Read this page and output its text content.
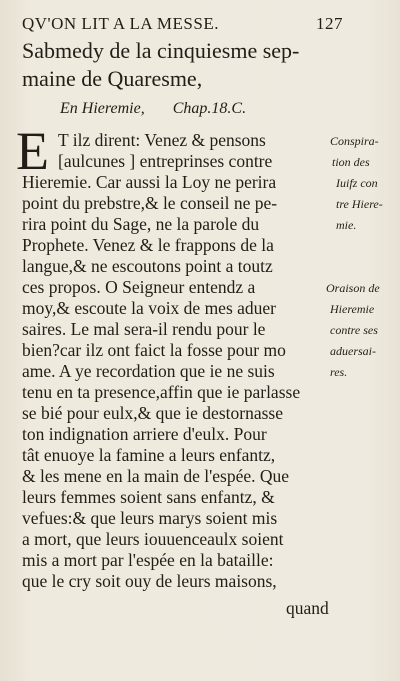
QV'ON LIT A LA MESSE.	127
Sabmedy de la cinquiesme sep-
maine de Quaresme,
En Hieremie, Chap.18.C.
E T ilz dirent: Venez & pensons
[aulcunes ] entreprinses contre
Hieremie. Car aussi la Loy ne perira
point du prebstre,& le conseil ne pe-
rira point du Sage, ne la parole du
Prophete. Venez & le frappons de la
langue,& ne escoutons point a toutz
ces propos. O Seigneur entendz a
moy,& escoute la voix de mes aduer
saires. Le mal sera-il rendu pour le
bien?car ilz ont faict la fosse pour mo
ame. A ye recordation que ie ne suis
tenu en ta presence,affin que ie parlasse
se bié pour eulx,& que ie destornasse
ton indignation arriere d'eulx. Pour
tât enuoye la famine a leurs enfantz,
& les mene en la main de l'espée. Que
leurs femmes soient sans enfantz, &
vefues:& que leurs marys soient mis
a mort, que leurs iouuenceaulx soient
mis a mort par l'espée en la bataille:
que le cry soit ouy de leurs maisons,
Conspira-
tion des
Iuifz con
tre Hiere-
mie.
Oraison de
Hieremie
contre ses
aduersai-
res.
quand
